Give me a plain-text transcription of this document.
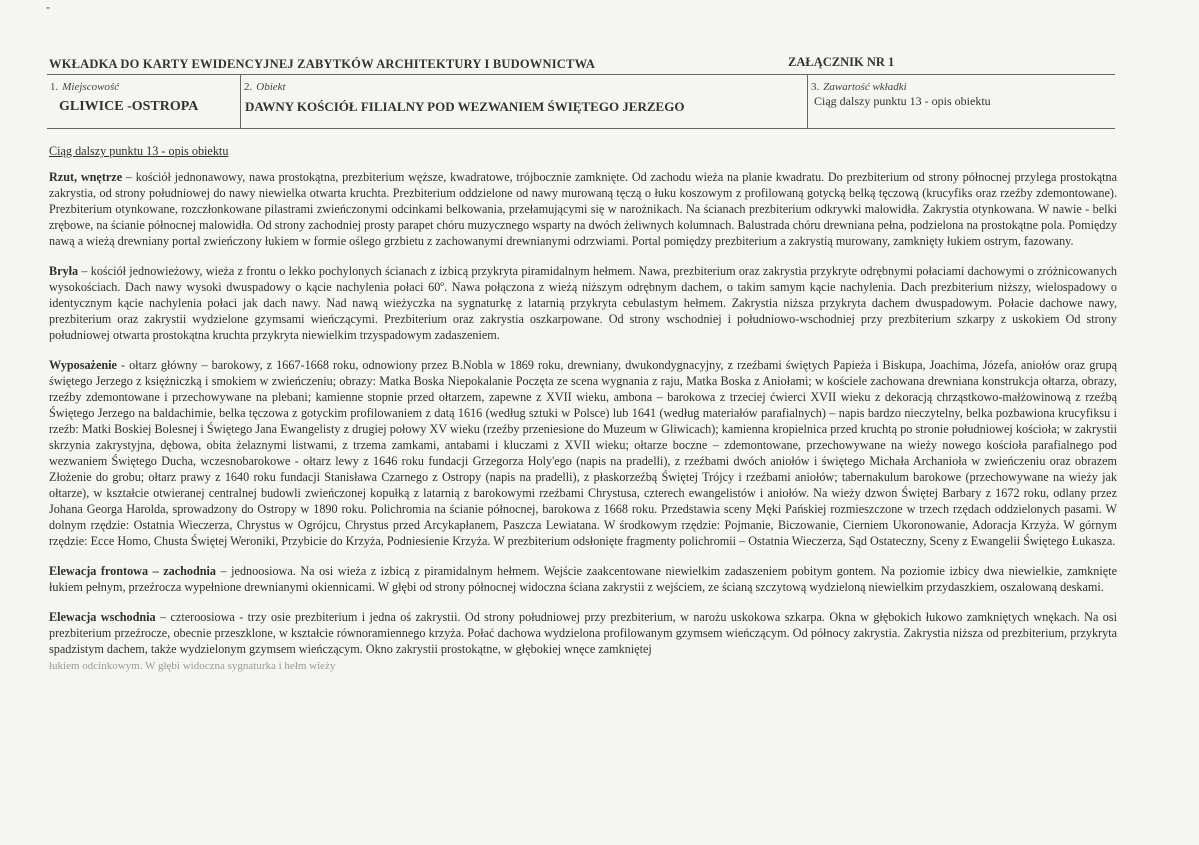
"
WKŁADKA DO KARTY EWIDENCYJNEJ ZABYTKÓW ARCHITEKTURY I BUDOWNICTWA	ZAŁĄCZNIK NR 1
1. Miejscowość
GLIWICE -OSTROPA
2. Obiekt
DAWNY KOŚCIÓŁ FILIALNY POD WEZWANIEM ŚWIĘTEGO JERZEGO
3. Zawartość wkładki
Ciąg dalszy punktu 13 - opis obiektu
Ciąg dalszy punktu 13 - opis obiektu

Rzut, wnętrze – kościół jednonawowy, nawa prostokątna, prezbiterium węższe, kwadratowe, trójbocznie zamknięte. Od zachodu wieża na planie kwadratu. Do prezbiterium od strony północnej przylega prostokątna zakrystia, od strony południowej do nawy niewielka otwarta kruchta. Prezbiterium oddzielone od nawy murowaną tęczą o łuku koszowym z profilowaną gotycką belką tęczową (krucyfiks oraz rzeźby zdemontowane). Prezbiterium otynkowane, rozczłonkowane pilastrami zwieńczonymi odcinkami belkowania, przełamującymi się w narożnikach. Na ścianach prezbiterium odkrywki malowidła. Zakrystia otynkowana. W nawie - belki zrębowe, na ścianie północnej malowidła. Od strony zachodniej prosty parapet chóru muzycznego wsparty na dwóch żeliwnych kolumnach. Balustrada chóru drewniana pełna, podzielona na prostokątne pola. Pomiędzy nawą a wieżą drewniany portal zwieńczony łukiem w formie oślego grzbietu z zachowanymi drewnianymi odrzwiami. Portal pomiędzy prezbiterium a zakrystią murowany, zamknięty łukiem ostrym, fazowany.

Bryła – kościół jednowieżowy, wieża z frontu o lekko pochylonych ścianach z izbicą przykryta piramidalnym hełmem. Nawa, prezbiterium oraz zakrystia przykryte odrębnymi połaciami dachowymi o zróżnicowanych wysokościach. Dach nawy wysoki dwuspadowy o kącie nachylenia połaci 60º. Nawa połączona z wieżą niższym odrębnym dachem, o takim samym kącie nachylenia. Dach prezbiterium niższy, wielospadowy o identycznym kącie nachylenia połaci jak dach nawy. Nad nawą wieżyczka na sygnaturkę z latarnią przykryta cebulastym hełmem. Zakrystia niższa przykryta dachem dwuspadowym. Połacie dachowe nawy, prezbiterium oraz zakrystii wydzielone gzymsami wieńczącymi. Prezbiterium oraz zakrystia oszkarpowane. Od strony wschodniej i południowo-wschodniej przy prezbiterium szkarpy z uskokiem Od strony południowej otwarta prostokątna kruchta przykryta niewielkim trzyspadowym zadaszeniem.

Wyposażenie - ołtarz główny – barokowy, z 1667-1668 roku, odnowiony przez B.Nobla w 1869 roku, drewniany, dwukondygnacyjny, z rzeźbami świętych Papieża i Biskupa, Joachima, Józefa, aniołów oraz grupą świętego Jerzego z księżniczką i smokiem w zwieńczeniu; obrazy: Matka Boska Niepokalanie Poczęta ze scena wygnania z raju, Matka Boska z Aniołami; w kościele zachowana drewniana konstrukcja ołtarza, obrazy, rzeźby zdemontowane i przechowywane na plebani; kamienne stopnie przed ołtarzem, zapewne z XVII wieku, ambona – barokowa z trzeciej ćwierci XVII wieku z dekoracją chrząstkowo-małżowinową z rzeźbą Świętego Jerzego na baldachimie, belka tęczowa z gotyckim profilowaniem z datą 1616 (według sztuki w Polsce) lub 1641 (według materiałów parafialnych) – napis bardzo nieczytelny, belka pozbawiona krucyfiksu i rzeźb: Matki Boskiej Bolesnej i Świętego Jana Ewangelisty z drugiej połowy XV wieku (rzeźby przeniesione do Muzeum w Gliwicach); kamienna kropielnica przed kruchtą po stronie południowej kościoła; w zakrystii skrzynia zakrystyjna, dębowa, obita żelaznymi listwami, z trzema zamkami, antabami i kluczami z XVII wieku; ołtarze boczne – zdemontowane, przechowywane na wieży nowego kościoła parafialnego pod wezwaniem Świętego Ducha, wczesnobarokowe - ołtarz lewy z 1646 roku fundacji Grzegorza Holy'ego (napis na pradelli), z rzeźbami dwóch aniołów i świętego Michała Archanioła w zwieńczeniu oraz obrazem Złożenie do grobu; ołtarz prawy z 1640 roku fundacji Stanisława Czarnego z Ostropy (napis na pradelli), z płaskorzeźbą Świętej Trójcy i rzeźbami aniołów; tabernakulum barokowe (przechowywane na wieży jak ołtarze), w kształcie otwieranej centralnej budowli zwieńczonej kopułką z latarnią z barokowymi rzeźbami Chrystusa, czterech ewangelistów i aniołów. Na wieży dzwon Świętej Barbary z 1672 roku, odlany przez Johana Georga Harolda, sprowadzony do Ostropy w 1890 roku. Polichromia na ścianie północnej, barokowa z 1668 roku. Przedstawia sceny Męki Pańskiej rozmieszczone w trzech rzędach oddzielonych pasami. W dolnym rzędzie: Ostatnia Wieczerza, Chrystus w Ogrójcu, Chrystus przed Arcykapłanem, Paszcza Lewiatana. W środkowym rzędzie: Pojmanie, Biczowanie, Cierniem Ukoronowanie, Adoracja Krzyża. W górnym rzędzie: Ecce Homo, Chusta Świętej Weroniki, Przybicie do Krzyża, Podniesienie Krzyża. W prezbiterium odsłonięte fragmenty polichromii – Ostatnia Wieczerza, Sąd Ostateczny, Sceny z Ewangelii Świętego Łukasza.

Elewacja frontowa – zachodnia – jednoosiowa. Na osi wieża z izbicą z piramidalnym hełmem. Wejście zaakcentowane niewielkim zadaszeniem pobitym gontem. Na poziomie izbicy dwa niewielkie, zamknięte łukiem pełnym, przeźrocza wypełnione drewnianymi okiennicami. W głębi od strony północnej widoczna ściana zakrystii z wejściem, ze ścianą szczytową wydzieloną niewielkim przydaszkiem, oszalowaną deskami.

Elewacja wschodnia – czteroosiowa - trzy osie prezbiterium i jedna oś zakrystii. Od strony południowej przy prezbiterium, w narożu uskokowa szkarpa. Okna w głębokich łukowo zamkniętych wnękach. Na osi prezbiterium przeźrocze, obecnie przeszklone, w kształcie równoramiennego krzyża. Połać dachowa wydzielona profilowanym gzymsem wieńczącym. Od północy zakrystia. Zakrystia niższa od prezbiterium, przykryta spadzistym dachem, także wydzielonym gzymsem wieńczącym. Okno zakrystii prostokątne, w głębokiej wnęce zamkniętej
łukiem odcinkowym. W głębi widoczna sygnaturka i hełm wieży
